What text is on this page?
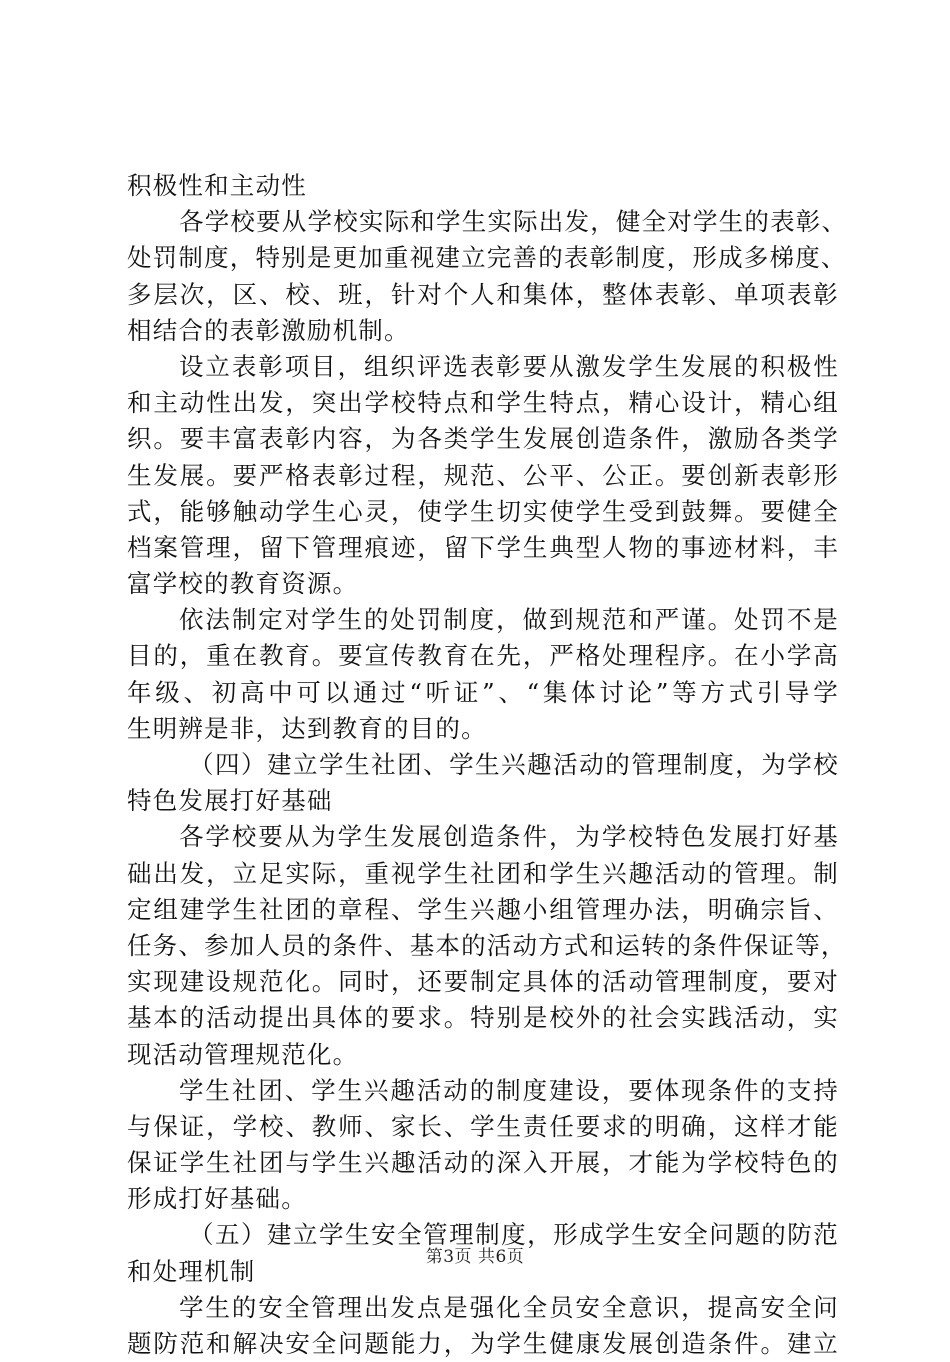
积极性和主动性
各学校要从学校实际和学生实际出发，健全对学生的表彰、
处罚制度，特别是更加重视建立完善的表彰制度，形成多梯度、
多层次，区、校、班，针对个人和集体，整体表彰、单项表彰
相结合的表彰激励机制。
设立表彰项目，组织评选表彰要从激发学生发展的积极性
和主动性出发，突出学校特点和学生特点，精心设计，精心组
织。要丰富表彰内容，为各类学生发展创造条件，激励各类学
生发展。要严格表彰过程，规范、公平、公正。要创新表彰形
式，能够触动学生心灵，使学生切实使学生受到鼓舞。要健全
档案管理，留下管理痕迹，留下学生典型人物的事迹材料，丰
富学校的教育资源。
依法制定对学生的处罚制度，做到规范和严谨。处罚不是
目的，重在教育。要宣传教育在先，严格处理程序。在小学高
年级、初高中可以通过“听证”、“集体讨论”等方式引导学
生明辨是非，达到教育的目的。
（四）建立学生社团、学生兴趣活动的管理制度，为学校
特色发展打好基础
各学校要从为学生发展创造条件，为学校特色发展打好基
础出发，立足实际，重视学生社团和学生兴趣活动的管理。制
定组建学生社团的章程、学生兴趣小组管理办法，明确宗旨、
任务、参加人员的条件、基本的活动方式和运转的条件保证等，
实现建设规范化。同时，还要制定具体的活动管理制度，要对
基本的活动提出具体的要求。特别是校外的社会实践活动，实
现活动管理规范化。
学生社团、学生兴趣活动的制度建设，要体现条件的支持
与保证，学校、教师、家长、学生责任要求的明确，这样才能
保证学生社团与学生兴趣活动的深入开展，才能为学校特色的
形成打好基础。
（五）建立学生安全管理制度，形成学生安全问题的防范
和处理机制
学生的安全管理出发点是强化全员安全意识，提高安全问
题防范和解决安全问题能力，为学生健康发展创造条件。建立
第3页 共6页
